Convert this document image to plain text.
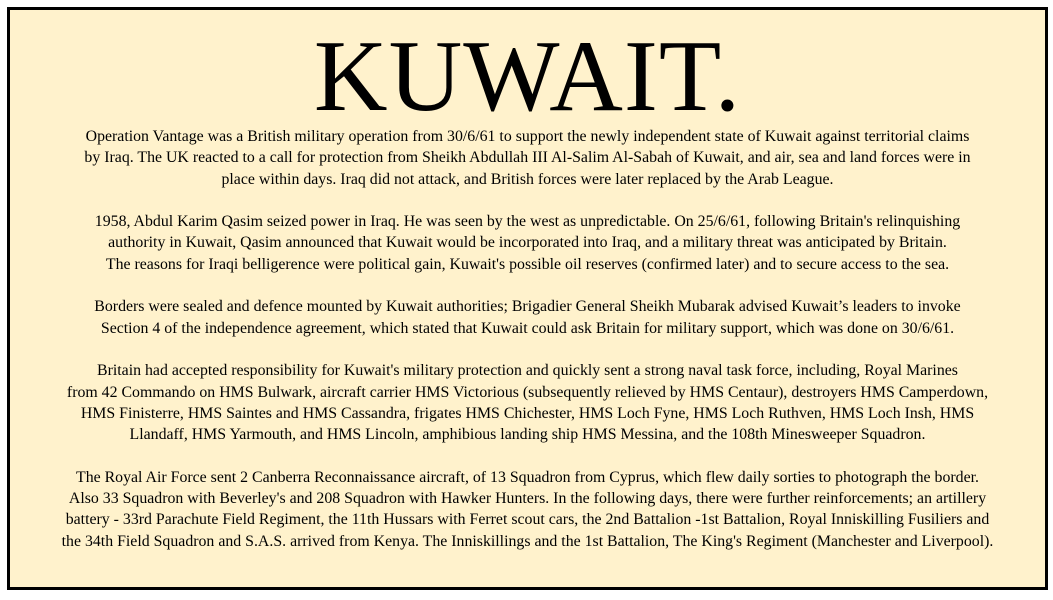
KUWAIT.

Operation Vantage was a British military operation from 30/6/61 to support the newly independent state of Kuwait against territorial claims
by Iraq. The UK reacted to a call for protection from Sheikh Abdullah III Al-Salim Al-Sabah of Kuwait, and air, sea and land forces were in
place within days. Iraq did not attack, and British forces were later replaced by the Arab League.

1958, Abdul Karim Qasim seized power in Iraq. He was seen by the west as unpredictable. On 25/6/61, following Britain's relinquishing
authority in Kuwait, Qasim announced that Kuwait would be incorporated into Iraq, and a military threat was anticipated by Britain.
The reasons for Iraqi belligerence were political gain, Kuwait's possible oil reserves (confirmed later) and to secure access to the sea.

Borders were sealed and defence mounted by Kuwait authorities; Brigadier General Sheikh Mubarak advised Kuwait’s leaders to invoke
Section 4 of the independence agreement, which stated that Kuwait could ask Britain for military support, which was done on 30/6/61.

Britain had accepted responsibility for Kuwait's military protection and quickly sent a strong naval task force, including, Royal Marines
from 42 Commando on HMS Bulwark, aircraft carrier HMS Victorious (subsequently relieved by HMS Centaur), destroyers HMS Camperdown,
HMS Finisterre, HMS Saintes and HMS Cassandra, frigates HMS Chichester, HMS Loch Fyne, HMS Loch Ruthven, HMS Loch Insh, HMS
Llandaff, HMS Yarmouth, and HMS Lincoln, amphibious landing ship HMS Messina, and the 108th Minesweeper Squadron.

The Royal Air Force sent 2 Canberra Reconnaissance aircraft, of 13 Squadron from Cyprus, which flew daily sorties to photograph the border.
Also 33 Squadron with Beverley's and 208 Squadron with Hawker Hunters. In the following days, there were further reinforcements; an artillery
battery - 33rd Parachute Field Regiment, the 11th Hussars with Ferret scout cars, the 2nd Battalion -1st Battalion, Royal Inniskilling Fusiliers and
the 34th Field Squadron and S.A.S. arrived from Kenya. The Inniskillings and the 1st Battalion, The King's Regiment (Manchester and Liverpool).
